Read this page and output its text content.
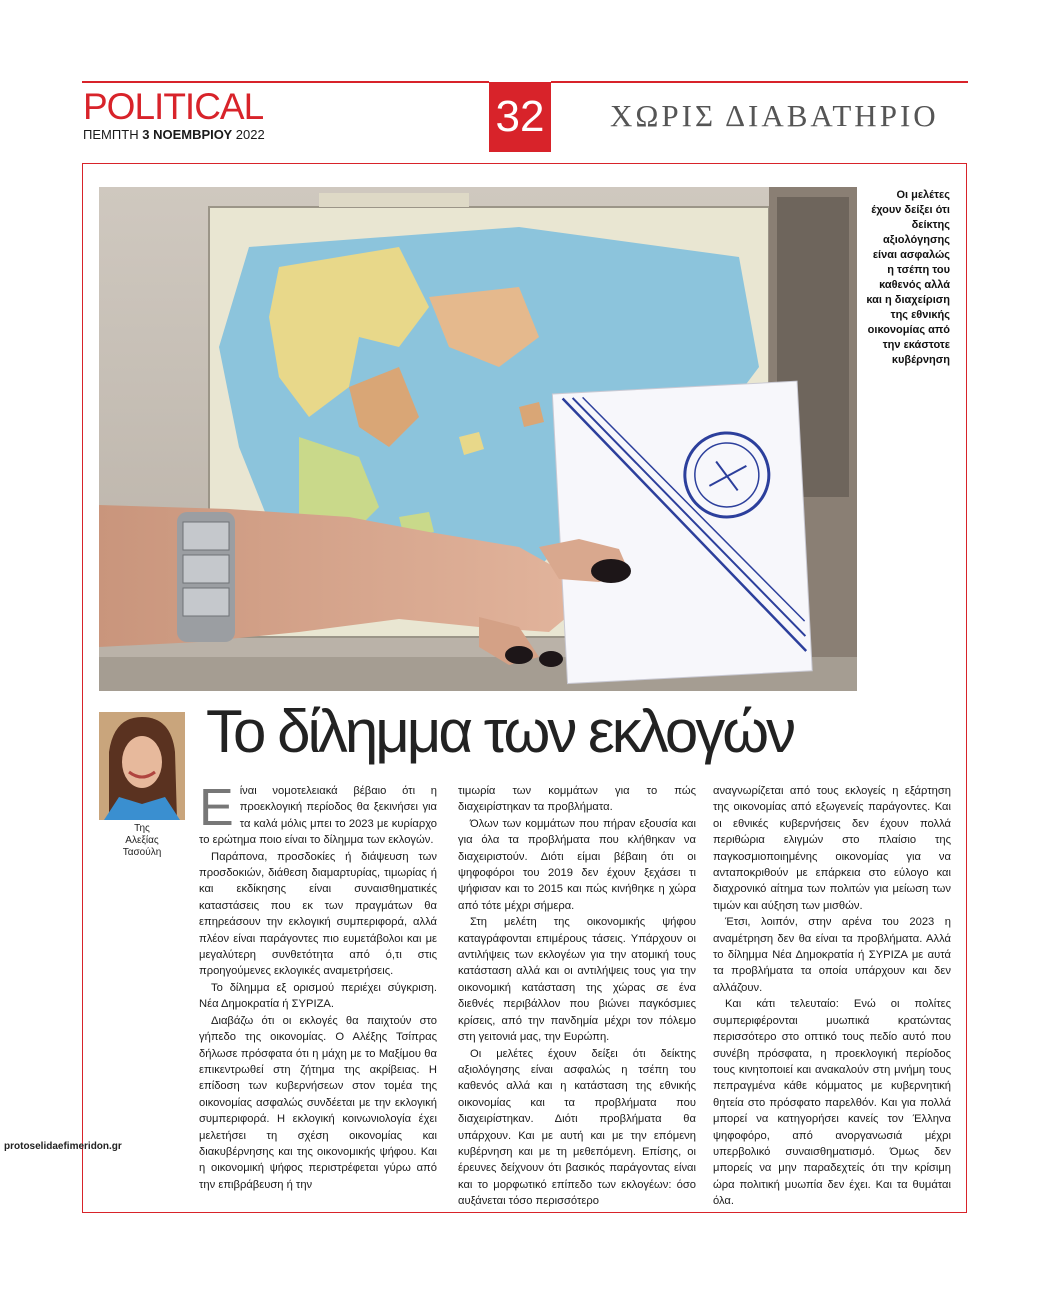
POLITICAL
ΠΕΜΠΤΗ 3 ΝΟΕΜΒΡΙΟΥ 2022	32 ΧΩΡΙΣ ΔΙΑΒΑΤΗΡΙΟ
Οι μελέτες έχουν δείξει ότι δείκτης αξιολόγησης είναι ασφαλώς η τσέπη του καθενός αλλά και η διαχείριση της εθνικής οικονομίας από την εκάστοτε κυβέρνηση
Της
Αλεξίας
Τασούλη
Το δίλημμα των εκλογών
Ε ίναι νομοτελειακά βέβαιο ότι η προεκλογική περίοδος θα ξεκινήσει για τα καλά μόλις μπει το 2023 με κυρίαρχο το ερώτημα ποιο είναι το δίλημμα των εκλογών.

Παράπονα, προσδοκίες ή διάψευση των προσδοκιών, διάθεση διαμαρτυρίας, τιμωρίας ή και εκδίκησης είναι συναισθηματικές καταστάσεις που εκ των πραγμάτων θα επηρεάσουν την εκλογική συμπεριφορά, αλλά πλέον είναι παράγοντες πιο ευμετάβολοι και με μεγαλύτερη συνθετότητα από ό,τι στις προηγούμενες εκλογικές αναμετρήσεις.

Το δίλημμα εξ ορισμού περιέχει σύγκριση. Νέα Δημοκρατία ή ΣΥΡΙΖΑ.

Διαβάζω ότι οι εκλογές θα παιχτούν στο γήπεδο της οικονομίας. Ο Αλέξης Τσίπρας δήλωσε πρόσφατα ότι η μάχη με το Μαξίμου θα επικεντρωθεί στη ζήτημα της ακρίβειας. Η επίδοση των κυβερνήσεων στον τομέα της οικονομίας ασφαλώς συνδέεται με την εκλογική συμπεριφορά. Η εκλογική κοινωνιολογία έχει μελετήσει τη σχέση οικονομίας και διακυβέρνησης και της οικονομικής ψήφου. Και η οικονομική ψήφος περιστρέφεται γύρω από την επιβράβευση ή την

τιμωρία των κομμάτων για το πώς διαχειρίστηκαν τα προβλήματα.

Όλων των κομμάτων που πήραν εξουσία και για όλα τα προβλήματα που κλήθηκαν να διαχειριστούν. Διότι είμαι βέβαιη ότι οι ψηφοφόροι του 2019 δεν έχουν ξεχάσει τι ψήφισαν και το 2015 και πώς κινήθηκε η χώρα από τότε μέχρι σήμερα.

Στη μελέτη της οικονομικής ψήφου καταγράφονται επιμέρους τάσεις. Υπάρχουν οι αντιλήψεις των εκλογέων για την ατομική τους κατάσταση αλλά και οι αντιλήψεις τους για την οικονομική κατάσταση της χώρας σε ένα διεθνές περιβάλλον που βιώνει παγκόσμιες κρίσεις, από την πανδημία μέχρι τον πόλεμο στη γειτονιά μας, την Ευρώπη.

Οι μελέτες έχουν δείξει ότι δείκτης αξιολόγησης είναι ασφαλώς η τσέπη του καθενός αλλά και η κατάσταση της εθνικής οικονομίας και τα προβλήματα που διαχειρίστηκαν. Διότι προβλήματα θα υπάρχουν. Και με αυτή και με την επόμενη κυβέρνηση και με τη μεθεπόμενη. Επίσης, οι έρευνες δείχνουν ότι βασικός παράγοντας είναι και το μορφωτικό επίπεδο των εκλογέων: όσο αυξάνεται τόσο περισσότερο

αναγνωρίζεται από τους εκλογείς η εξάρτηση της οικονομίας από εξωγενείς παράγοντες. Και οι εθνικές κυβερνήσεις δεν έχουν πολλά περιθώρια ελιγμών στο πλαίσιο της παγκοσμιοποιημένης οικονομίας για να ανταποκριθούν με επάρκεια στο εύλογο και διαχρονικό αίτημα των πολιτών για μείωση των τιμών και αύξηση των μισθών.

Έτσι, λοιπόν, στην αρένα του 2023 η αναμέτρηση δεν θα είναι τα προβλήματα. Αλλά το δίλημμα Νέα Δημοκρατία ή ΣΥΡΙΖΑ με αυτά τα προβλήματα τα οποία υπάρχουν και δεν αλλάζουν.

Και κάτι τελευταίο: Ενώ οι πολίτες συμπεριφέρονται μυωπικά κρατώντας περισσότερο στο οπτικό τους πεδίο αυτό που συνέβη πρόσφατα, η προεκλογική περίοδος τους κινητοποιεί και ανακαλούν στη μνήμη τους πεπραγμένα κάθε κόμματος με κυβερνητική θητεία στο πρόσφατο παρελθόν. Και για πολλά μπορεί να κατηγορήσει κανείς τον Έλληνα ψηφοφόρο, από ανοργανωσιά μέχρι υπερβολικό συναισθηματισμό. Όμως δεν μπορείς να μην παραδεχτείς ότι την κρίσιμη ώρα πολιτική μυωπία δεν έχει. Και τα θυμάται όλα.

protoselidaefimeridon.gr
